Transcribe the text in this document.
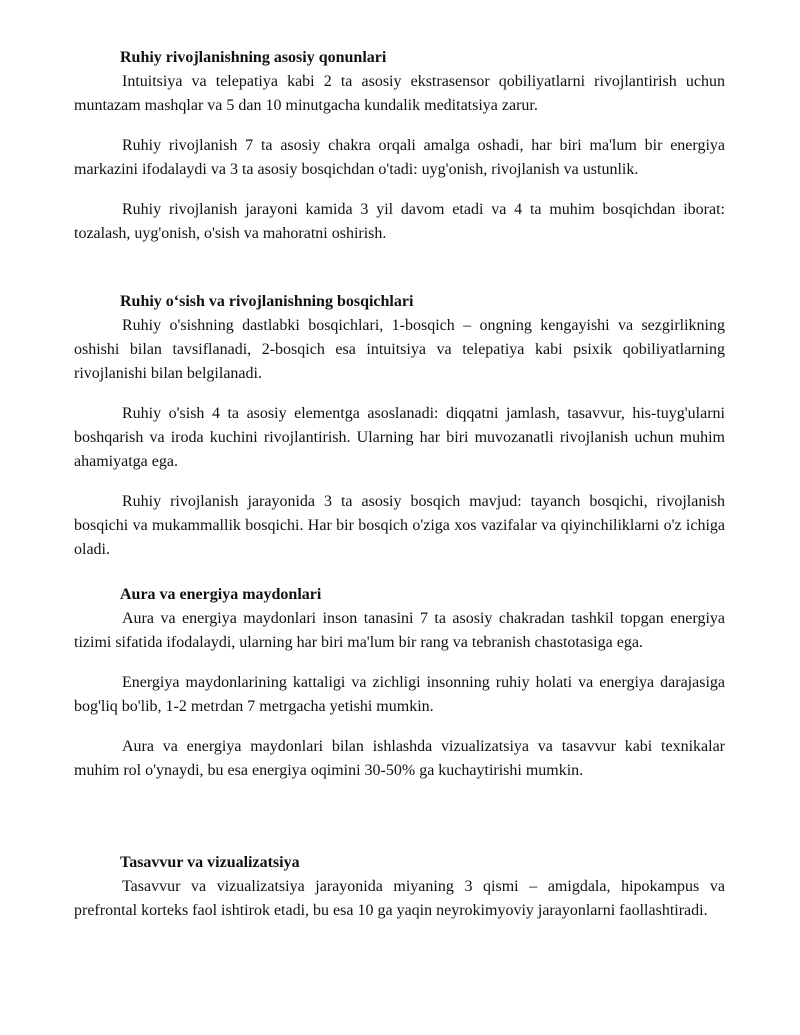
Ruhiy rivojlanishning asosiy qonunlari

Intuitsiya va telepatiya kabi 2 ta asosiy ekstrasensor qobiliyatlarni rivojlantirish uchun muntazam mashqlar va 5 dan 10 minutgacha kundalik meditatsiya zarur.

Ruhiy rivojlanish 7 ta asosiy chakra orqali amalga oshadi, har biri ma'lum bir energiya markazini ifodalaydi va 3 ta asosiy bosqichdan o'tadi: uyg'onish, rivojlanish va ustunlik.

Ruhiy rivojlanish jarayoni kamida 3 yil davom etadi va 4 ta muhim bosqichdan iborat: tozalash, uyg'onish, o'sish va mahoratni oshirish.

Ruhiy o‘sish va rivojlanishning bosqichlari

Ruhiy o'sishning dastlabki bosqichlari, 1-bosqich – ongning kengayishi va sezgirlikning oshishi bilan tavsiflanadi, 2-bosqich esa intuitsiya va telepatiya kabi psixik qobiliyatlarning rivojlanishi bilan belgilanadi.

Ruhiy o'sish 4 ta asosiy elementga asoslanadi: diqqatni jamlash, tasavvur, his-tuyg'ularni boshqarish va iroda kuchini rivojlantirish. Ularning har biri muvozanatli rivojlanish uchun muhim ahamiyatga ega.

Ruhiy rivojlanish jarayonida 3 ta asosiy bosqich mavjud: tayanch bosqichi, rivojlanish bosqichi va mukammallik bosqichi. Har bir bosqich o'ziga xos vazifalar va qiyinchiliklarni o'z ichiga oladi.

Aura va energiya maydonlari

Aura va energiya maydonlari inson tanasini 7 ta asosiy chakradan tashkil topgan energiya tizimi sifatida ifodalaydi, ularning har biri ma'lum bir rang va tebranish chastotasiga ega.

Energiya maydonlarining kattaligi va zichligi insonning ruhiy holati va energiya darajasiga bog'liq bo'lib, 1-2 metrdan 7 metrgacha yetishi mumkin.

Aura va energiya maydonlari bilan ishlashda vizualizatsiya va tasavvur kabi texnikalar muhim rol o'ynaydi, bu esa energiya oqimini 30-50% ga kuchaytirishi mumkin.

Tasavvur va vizualizatsiya

Tasavvur va vizualizatsiya jarayonida miyaning 3 qismi – amigdala, hipokampus va prefrontal korteks faol ishtirok etadi, bu esa 10 ga yaqin neyrokimyoviy jarayonlarni faollashtiradi.
